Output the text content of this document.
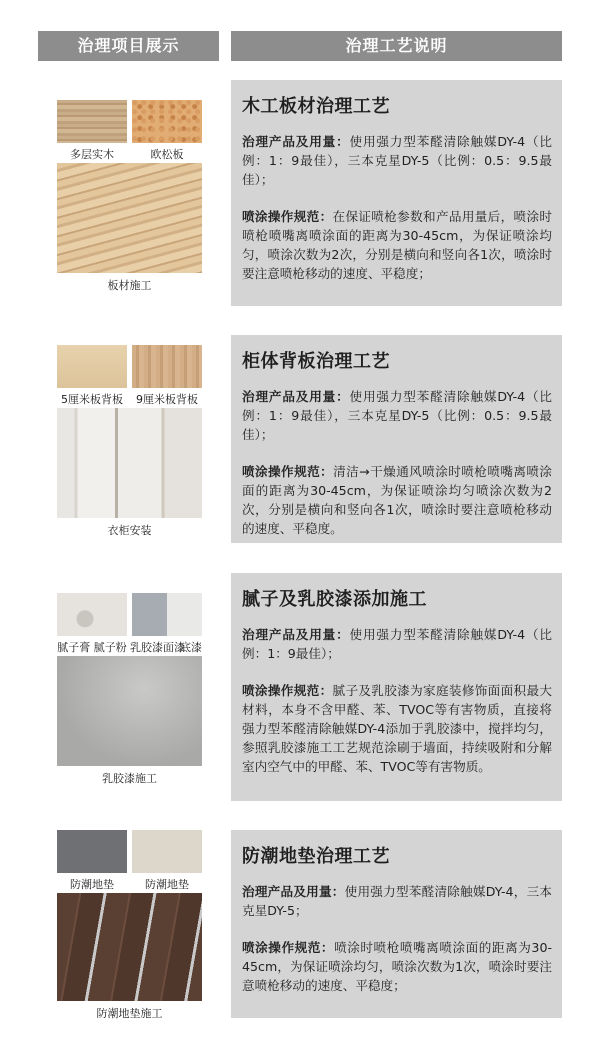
治理项目展示	治理工艺说明
多层实木	欧松板
板材施工
木工板材治理工艺

治理产品及用量：使用强力型苯醛清除触媒DY-4（比例：1：9最佳），三本克星DY-5（比例：0.5：9.5最佳）；

喷涂操作规范：在保证喷枪参数和产品用量后，喷涂时喷枪喷嘴离喷涂面的距离为30-45cm，为保证喷涂均匀，喷涂次数为2次，分别是横向和竖向各1次，喷涂时要注意喷枪移动的速度、平稳度；

5厘米板背板	9厘米板背板
衣柜安装
柜体背板治理工艺

治理产品及用量：使用强力型苯醛清除触媒DY-4（比例：1：9最佳），三本克星DY-5（比例：0.5：9.5最佳）；

喷涂操作规范：清洁→干燥通风喷涂时喷枪喷嘴离喷涂面的距离为30-45cm，为保证喷涂均匀喷涂次数为2次，分别是横向和竖向各1次，喷涂时要注意喷枪移动的速度、平稳度。

腻子膏 腻子粉 乳胶漆面漆
底漆
乳胶漆施工
腻子及乳胶漆添加施工

治理产品及用量：使用强力型苯醛清除触媒DY-4（比例：1：9最佳）；

喷涂操作规范：腻子及乳胶漆为家庭装修饰面面积最大材料，本身不含甲醛、苯、TVOC等有害物质，直接将强力型苯醛清除触媒DY-4添加于乳胶漆中，搅拌均匀，参照乳胶漆施工工艺规范涂刷于墙面，持续吸附和分解室内空气中的甲醛、苯、TVOC等有害物质。

防潮地垫	防潮地垫
防潮地垫施工
防潮地垫治理工艺

治理产品及用量：使用强力型苯醛清除触媒DY-4，三本克星DY-5；

喷涂操作规范：喷涂时喷枪喷嘴离喷涂面的距离为30-45cm，为保证喷涂均匀，喷涂次数为1次，喷涂时要注意喷枪移动的速度、平稳度；
